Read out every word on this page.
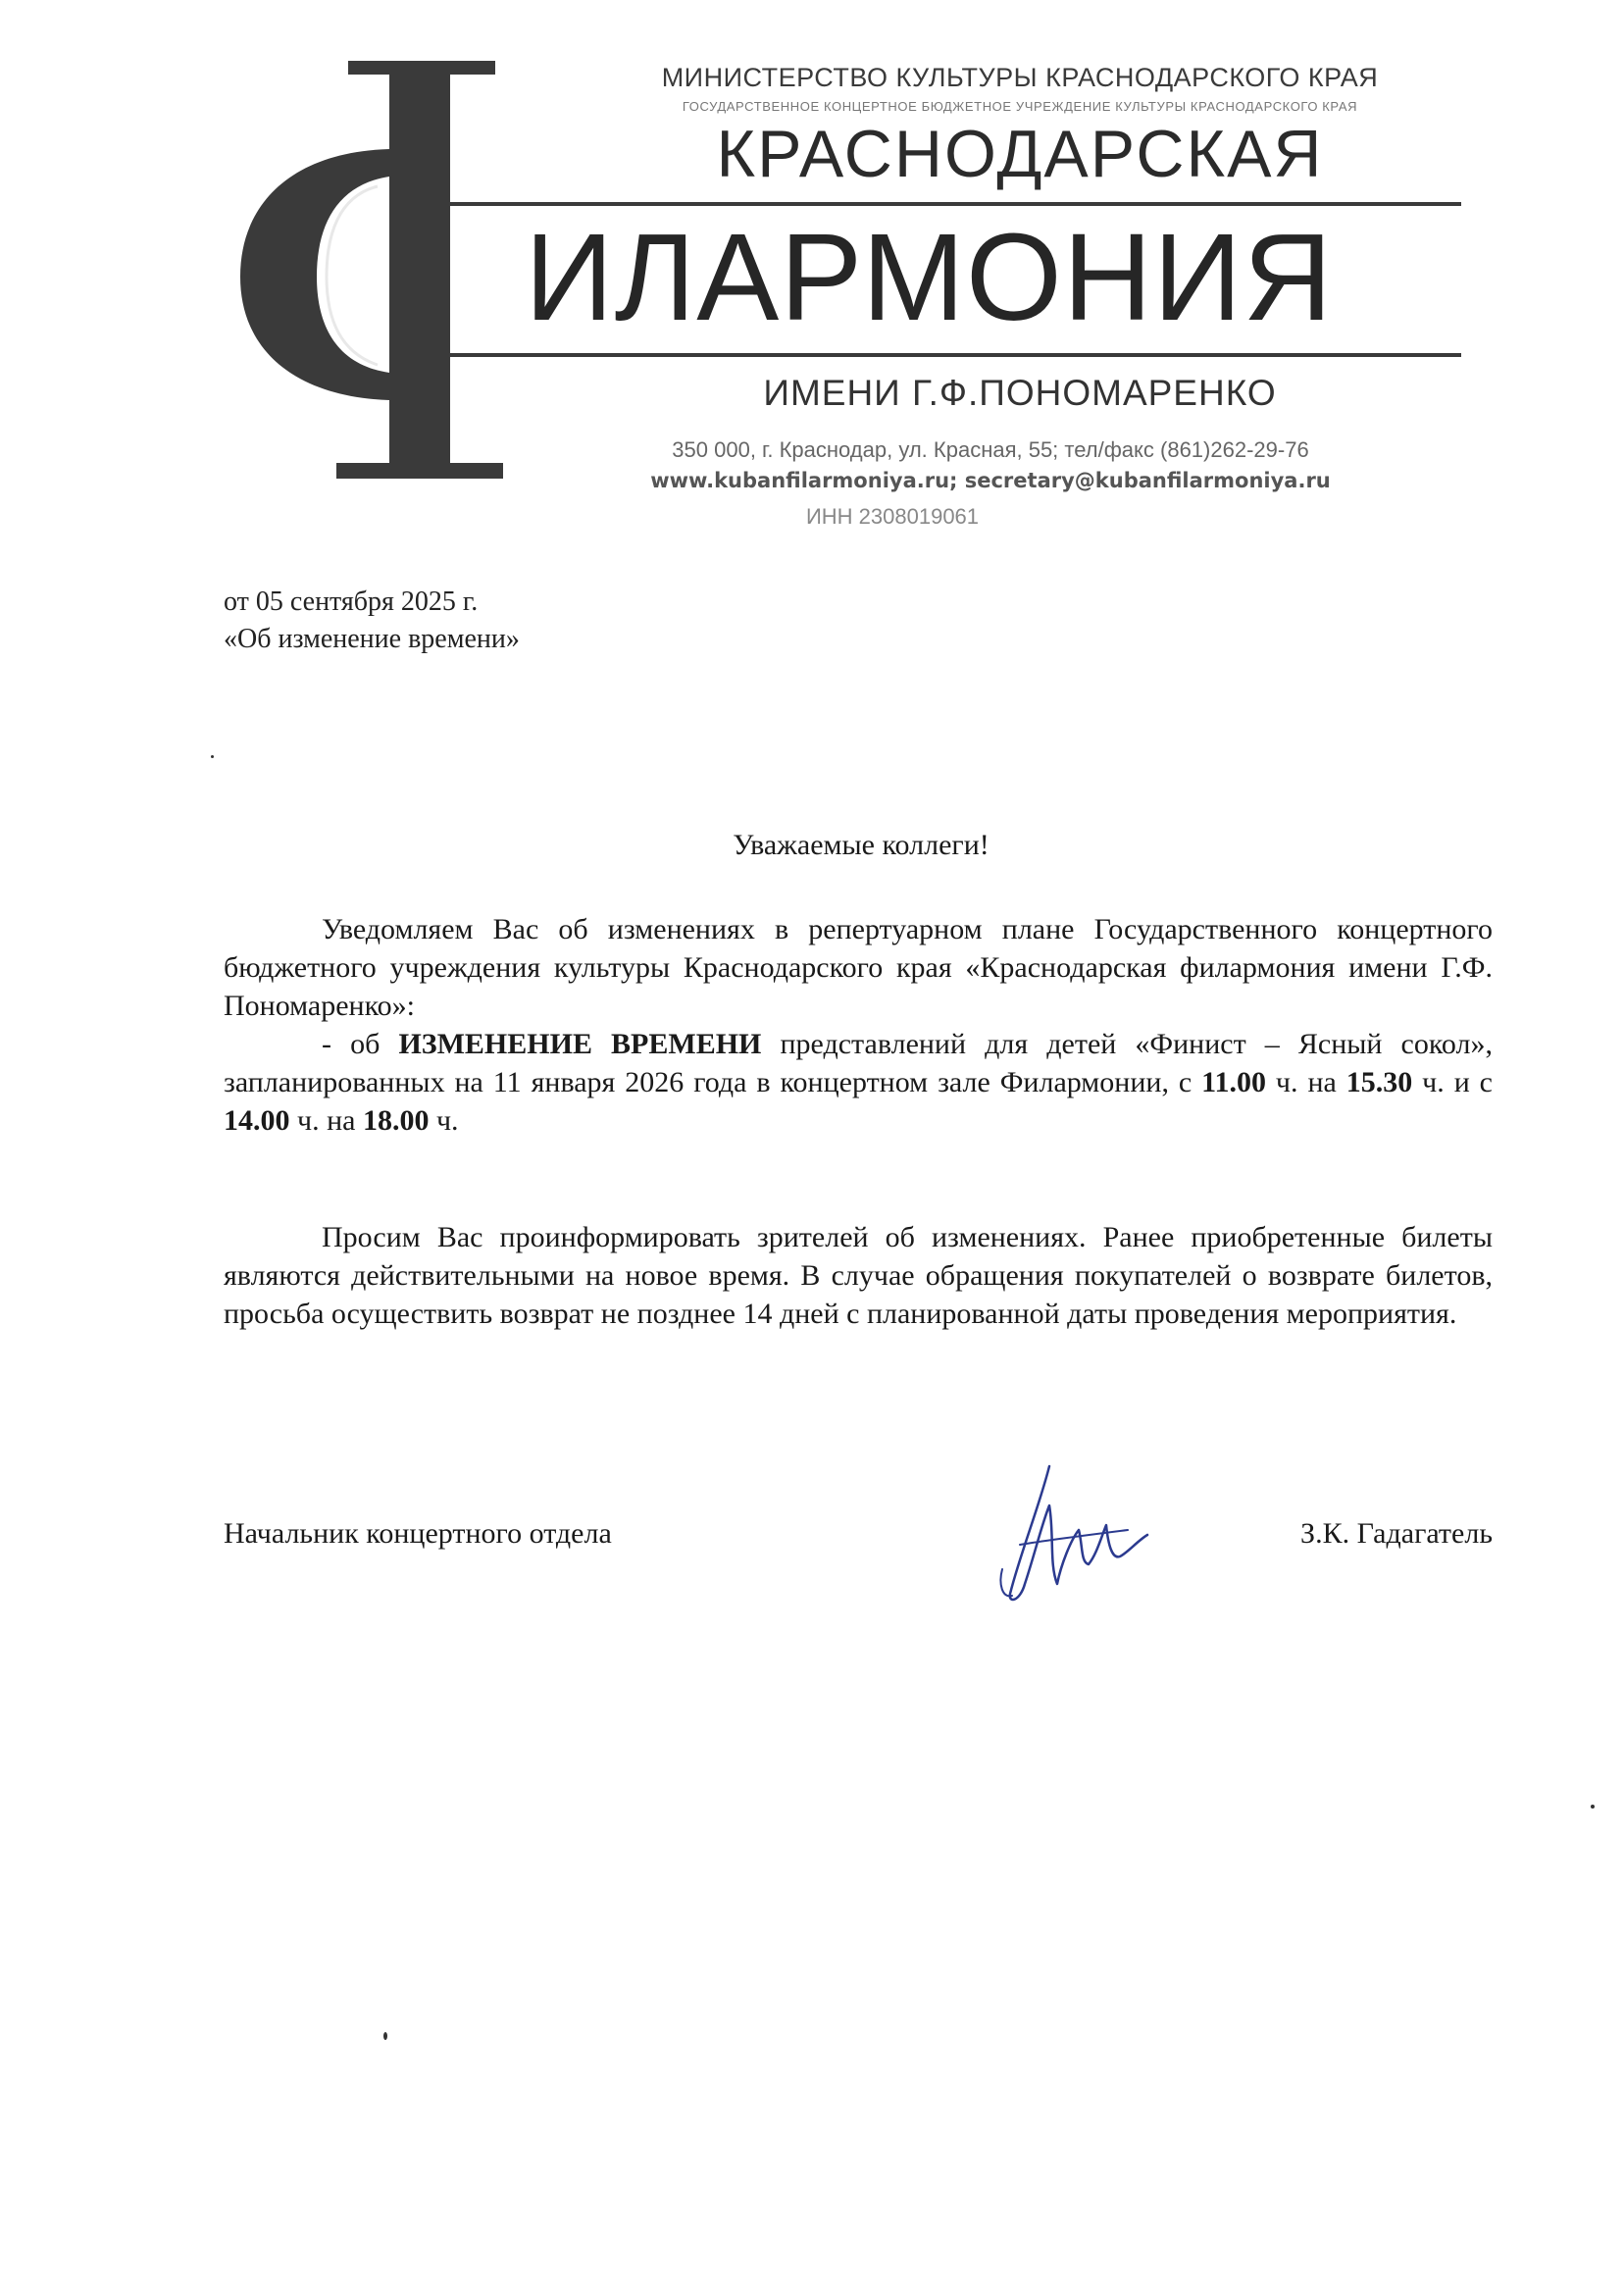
МИНИСТЕРСТВО КУЛЬТУРЫ КРАСНОДАРСКОГО КРАЯ
ГОСУДАРСТВЕННОЕ КОНЦЕРТНОЕ БЮДЖЕТНОЕ УЧРЕЖДЕНИЕ КУЛЬТУРЫ КРАСНОДАРСКОГО КРАЯ
КРАСНОДАРСКАЯ
ИЛАРМОНИЯ
ИМЕНИ Г.Ф.ПОНОМАРЕНКО
350 000, г. Краснодар, ул. Красная, 55; тел/факс (861)262-29-76
www.kubanfilarmoniya.ru; secretary@kubanfilarmoniya.ru
ИНН 2308019061
от 05 сентября 2025 г.
«Об изменение времени»
Уважаемые коллеги!

Уведомляем Вас об изменениях в репертуарном плане Государственного концертного бюджетного учреждения культуры Краснодарского края «Краснодарская филармония имени Г.Ф. Пономаренко»:

- об ИЗМЕНЕНИЕ ВРЕМЕНИ представлений для детей «Финист – Ясный сокол», запланированных на 11 января 2026 года в концертном зале Филармонии, с 11.00 ч. на 15.30 ч. и с 14.00 ч. на 18.00 ч.

Просим Вас проинформировать зрителей об изменениях. Ранее приобретенные билеты являются действительными на новое время. В случае обращения покупателей о возврате билетов, просьба осуществить возврат не позднее 14 дней с планированной даты проведения мероприятия.

Начальник концертного отдела	З.К. Гадагатель
